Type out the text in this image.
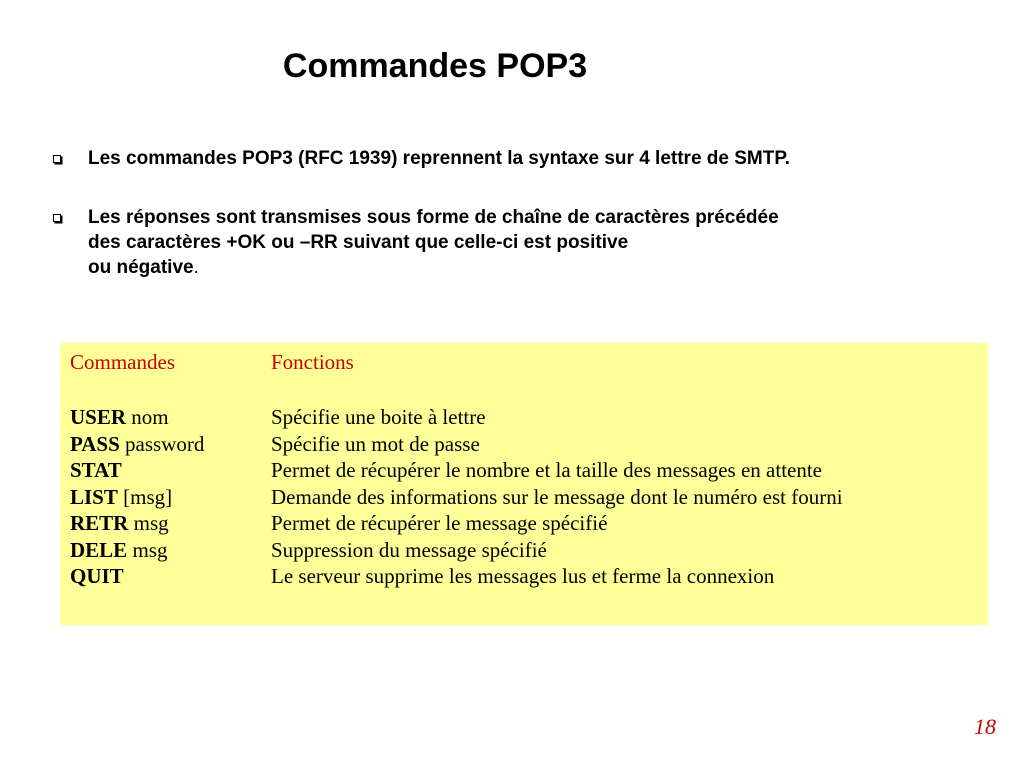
Commandes POP3
Les commandes POP3 (RFC 1939) reprennent la syntaxe sur 4 lettre de SMTP.
Les réponses sont transmises sous forme de chaîne de caractères précédée
des caractères +OK ou –RR suivant que celle-ci est positive
ou négative.
Commandes	Fonctions
USER nom	Spécifie une boite à lettre
PASS password	Spécifie un mot de passe
STAT	Permet de récupérer le nombre et la taille des messages en attente
LIST [msg]	Demande des informations sur le message dont le numéro est fourni
RETR msg	Permet de récupérer le message spécifié
DELE msg	Suppression du message spécifié
QUIT	Le serveur supprime les messages lus et ferme la connexion
18
